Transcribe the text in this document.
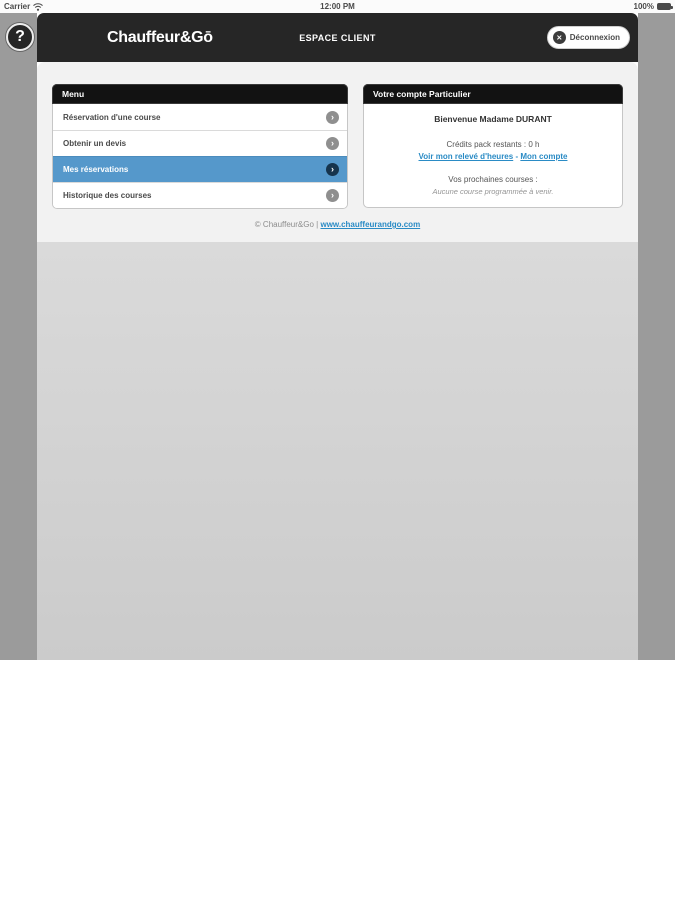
Carrier	12:00 PM	100%
?	Chauffeur&Gō	ESPACE CLIENT	✕ Déconnexion
Menu
Réservation d'une course	›
Obtenir un devis	›
Mes réservations	›
Historique des courses	›
Votre compte Particulier
Bienvenue Madame DURANT
Crédits pack restants : 0 h
Voir mon relevé d'heures - Mon compte
Vos prochaines courses :
Aucune course programmée à venir.
© Chauffeur&Go | www.chauffeurandgo.com
